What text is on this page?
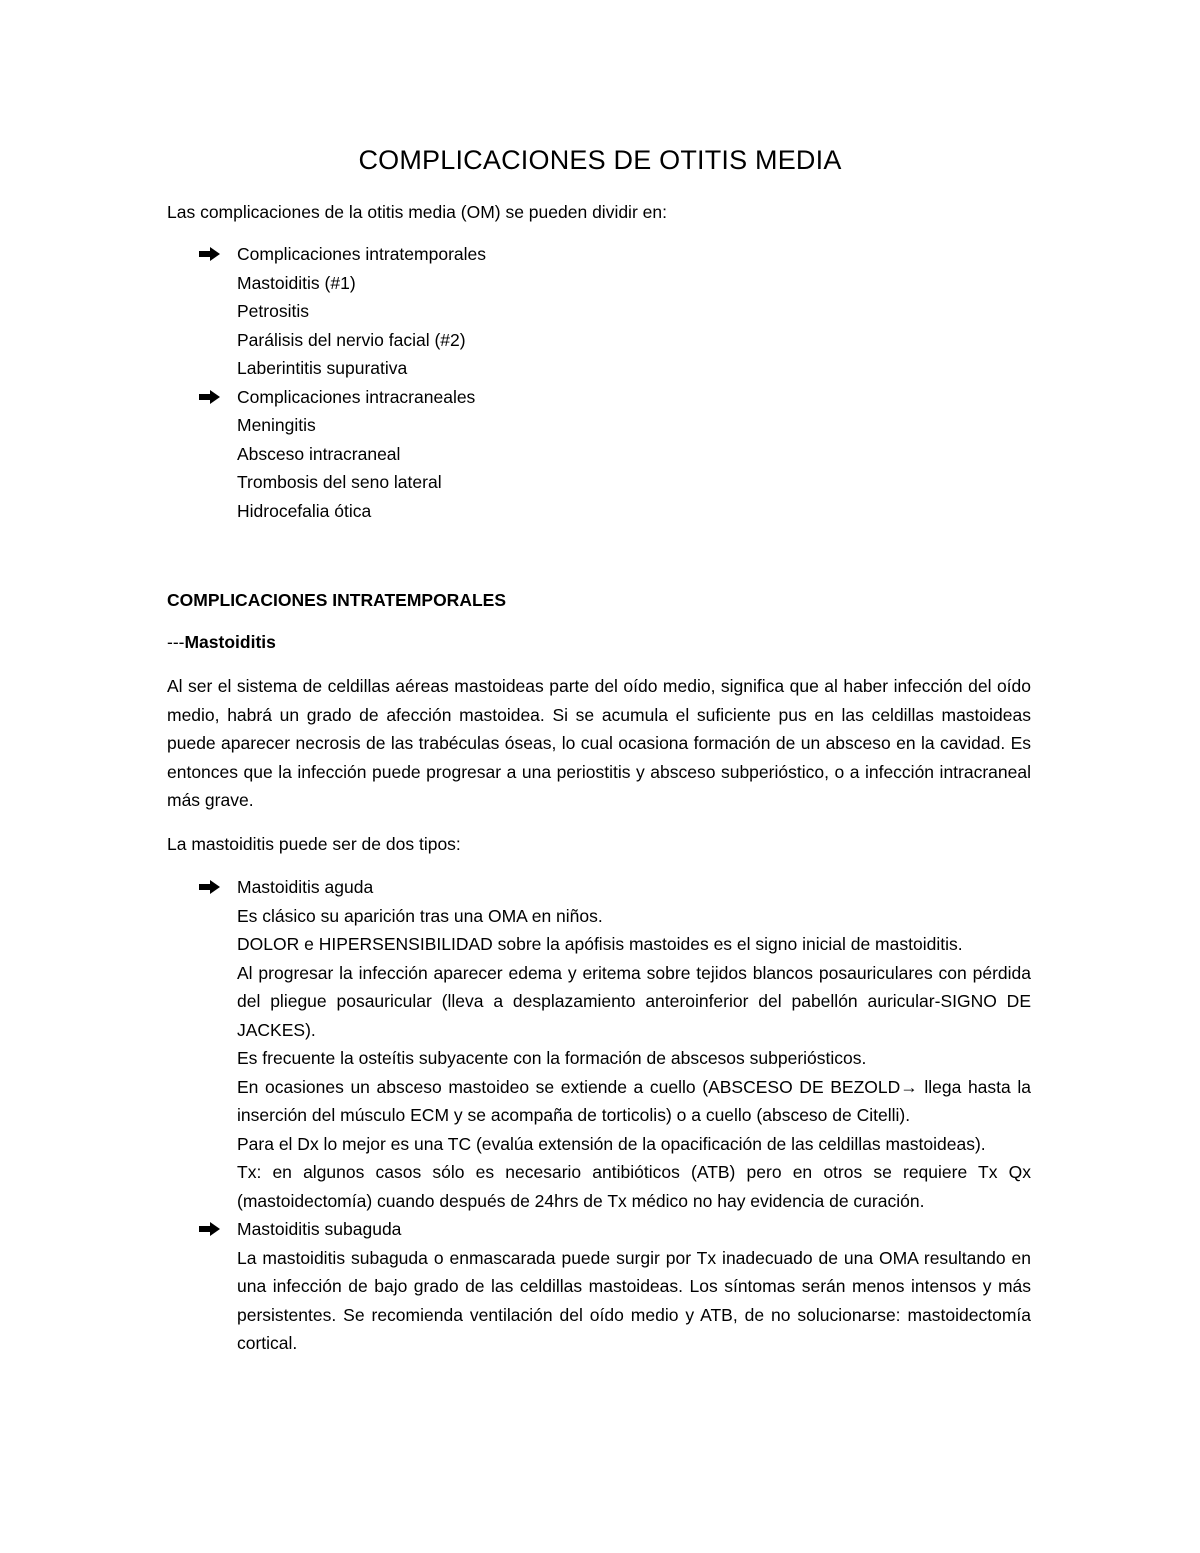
COMPLICACIONES DE OTITIS MEDIA
Las complicaciones de la otitis media (OM) se pueden dividir en:
Complicaciones intratemporales
Mastoiditis (#1)
Petrositis
Parálisis del nervio facial (#2)
Laberintitis supurativa
Complicaciones intracraneales
Meningitis
Absceso intracraneal
Trombosis del seno lateral
Hidrocefalia ótica
COMPLICACIONES INTRATEMPORALES
---Mastoiditis
Al ser el sistema de celdillas aéreas mastoideas parte del oído medio, significa que al haber infección del oído medio, habrá un grado de afección mastoidea. Si se acumula el suficiente pus en las celdillas mastoideas puede aparecer necrosis de las trabéculas óseas, lo cual ocasiona formación de un absceso en la cavidad. Es entonces que la infección puede progresar a una periostitis y absceso subperióstico, o a infección intracraneal más grave.
La mastoiditis puede ser de dos tipos:
Mastoiditis aguda
Es clásico su aparición tras una OMA en niños.
DOLOR e HIPERSENSIBILIDAD sobre la apófisis mastoides es el signo inicial de mastoiditis.
Al progresar la infección aparecer edema y eritema sobre tejidos blancos posauriculares con pérdida del pliegue posauricular (lleva a desplazamiento anteroinferior del pabellón auricular-SIGNO DE JACKES).
Es frecuente la osteítis subyacente con la formación de abscesos subperiósticos.
En ocasiones un absceso mastoideo se extiende a cuello (ABSCESO DE BEZOLD→ llega hasta la inserción del músculo ECM y se acompaña de torticolis) o a cuello (absceso de Citelli).
Para el Dx lo mejor es una TC (evalúa extensión de la opacificación de las celdillas mastoideas).
Tx: en algunos casos sólo es necesario antibióticos (ATB) pero en otros se requiere Tx Qx (mastoidectomía) cuando después de 24hrs de Tx médico no hay evidencia de curación.
Mastoiditis subaguda
La mastoiditis subaguda o enmascarada puede surgir por Tx inadecuado de una OMA resultando en una infección de bajo grado de las celdillas mastoideas. Los síntomas serán menos intensos y más persistentes. Se recomienda ventilación del oído medio y ATB, de no solucionarse: mastoidectomía cortical.
